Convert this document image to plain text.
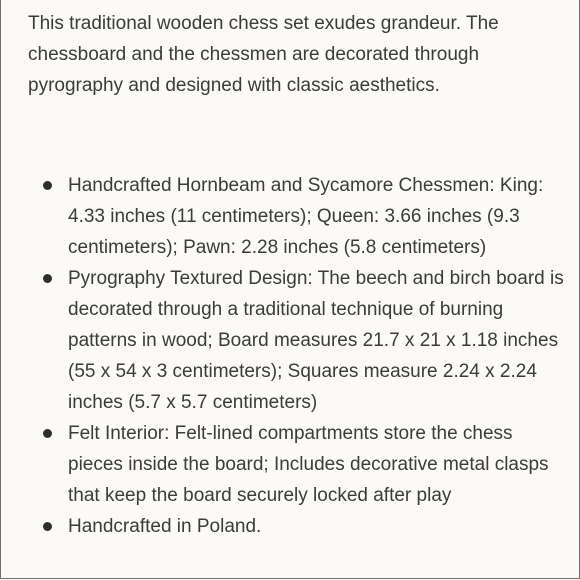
This traditional wooden chess set exudes grandeur. The chessboard and the chessmen are decorated through pyrography and designed with classic aesthetics.

Handcrafted Hornbeam and Sycamore Chessmen: King: 4.33 inches (11 centimeters); Queen: 3.66 inches (9.3 centimeters); Pawn: 2.28 inches (5.8 centimeters)
Pyrography Textured Design: The beech and birch board is decorated through a traditional technique of burning patterns in wood; Board measures 21.7 x 21 x 1.18 inches (55 x 54 x 3 centimeters); Squares measure 2.24 x 2.24 inches (5.7 x 5.7 centimeters)
Felt Interior: Felt-lined compartments store the chess pieces inside the board; Includes decorative metal clasps that keep the board securely locked after play
Handcrafted in Poland.
